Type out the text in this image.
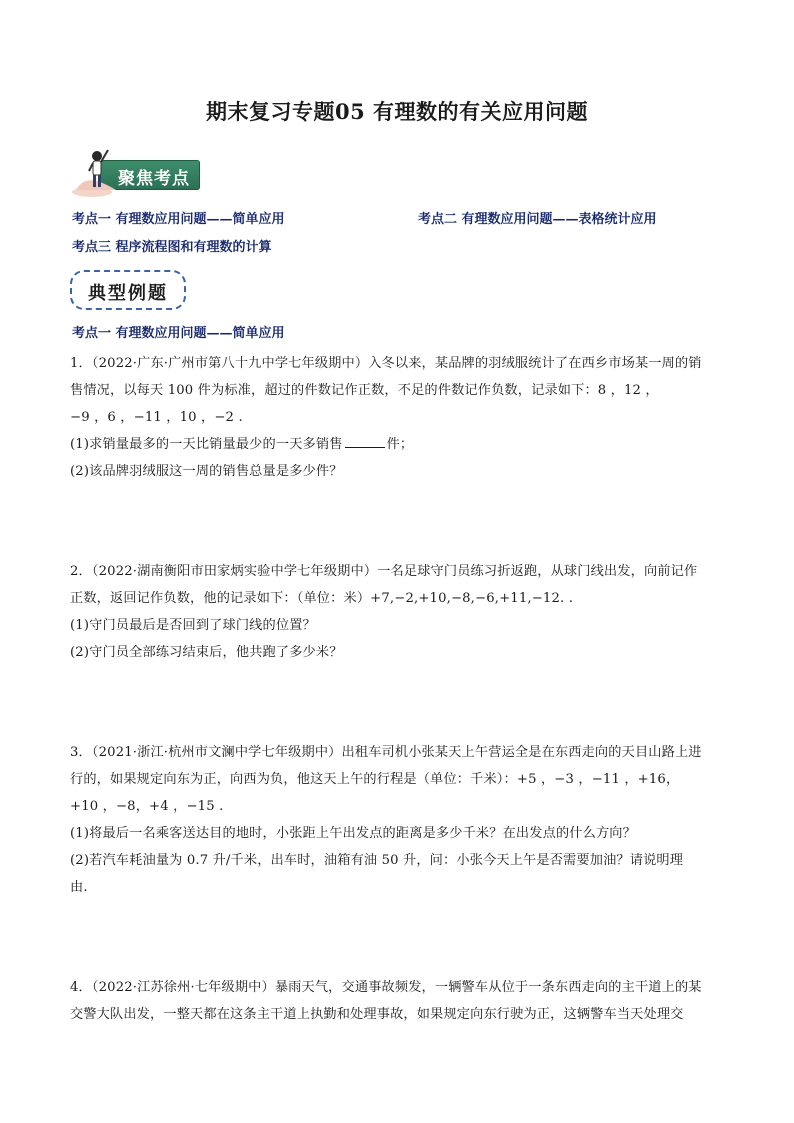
期末复习专题05 有理数的有关应用问题
聚焦考点
考点一 有理数应用问题——简单应用	考点二 有理数应用问题——表格统计应用
考点三 程序流程图和有理数的计算
典型例题
考点一 有理数应用问题——简单应用
1．（2022·广东·广州市第八十九中学七年级期中）入冬以来，某品牌的羽绒服统计了在西乡市场某一周的销
售情况，以每天 100 件为标准，超过的件数记作正数，不足的件数记作负数，记录如下：8 ，12 ，
−9 ，6 ，−11 ，10 ，−2 .
(1)求销量最多的一天比销量最少的一天多销售	件；
(2)该品牌羽绒服这一周的销售总量是多少件？
2．（2022·湖南衡阳市田家炳实验中学七年级期中）一名足球守门员练习折返跑，从球门线出发，向前记作
正数，返回记作负数，他的记录如下：（单位：米）+7,−2,+10,−8,−6,+11,−12. .
(1)守门员最后是否回到了球门线的位置？
(2)守门员全部练习结束后，他共跑了多少米？
3．（2021·浙江·杭州市文澜中学七年级期中）出租车司机小张某天上午营运全是在东西走向的天目山路上进
行的，如果规定向东为正，向西为负，他这天上午的行程是（单位：千米）：+5 ，−3 ，−11 ，+16，
+10 ，−8，+4 ，−15 .
(1)将最后一名乘客送达目的地时，小张距上午出发点的距离是多少千米？在出发点的什么方向？
(2)若汽车耗油量为 0.7 升/千米，出车时，油箱有油 50 升，问：小张今天上午是否需要加油？请说明理
由.
4．（2022·江苏徐州·七年级期中）暴雨天气，交通事故频发，一辆警车从位于一条东西走向的主干道上的某
交警大队出发，一整天都在这条主干道上执勤和处理事故，如果规定向东行驶为正，这辆警车当天处理交
